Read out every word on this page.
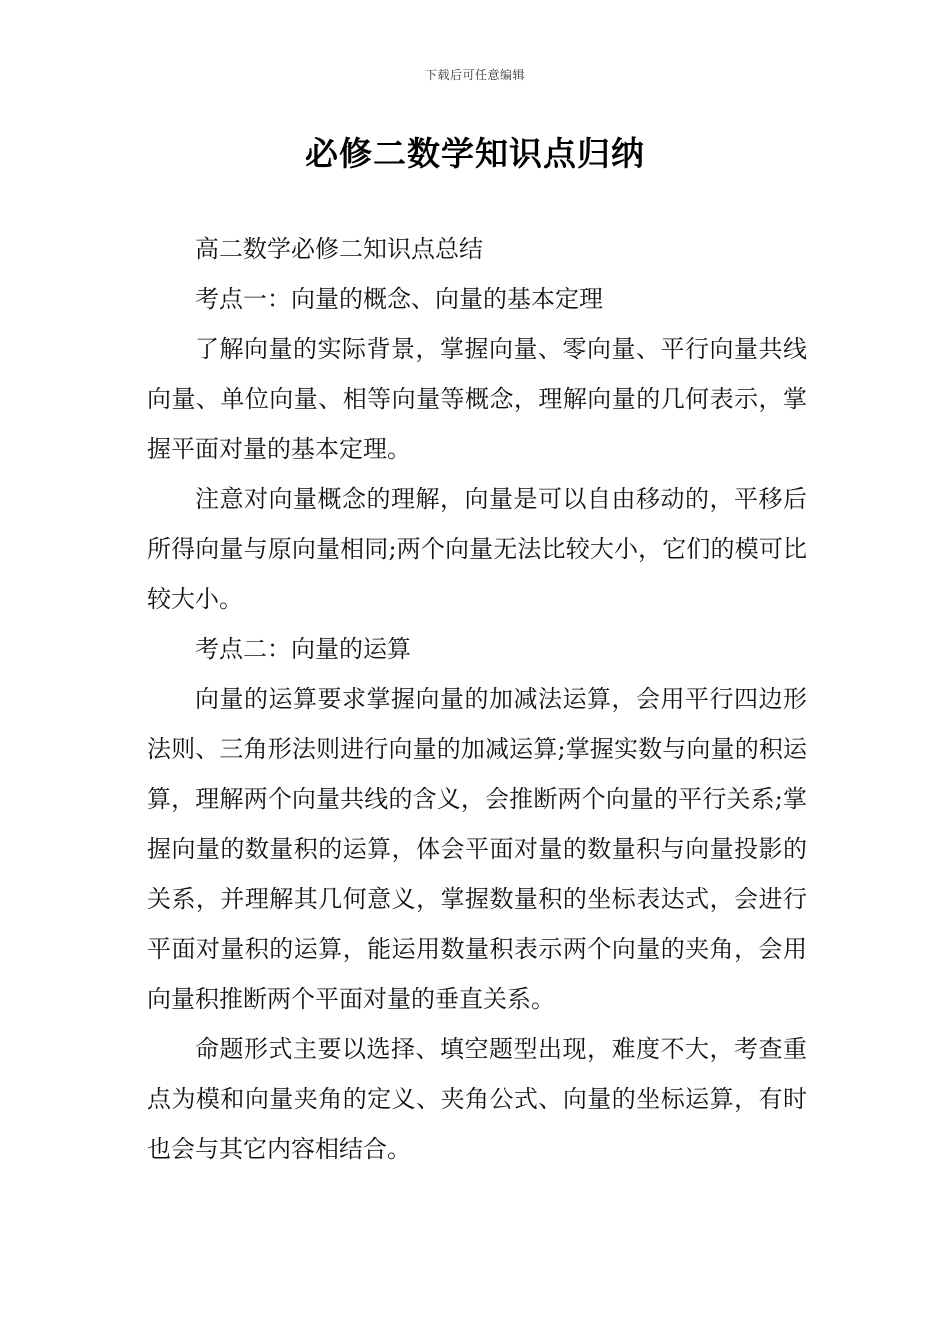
下载后可任意编辑
必修二数学知识点归纳

高二数学必修二知识点总结

考点一：向量的概念、向量的基本定理

了解向量的实际背景，掌握向量、零向量、平行向量共线向量、单位向量、相等向量等概念，理解向量的几何表示，掌握平面对量的基本定理。

注意对向量概念的理解，向量是可以自由移动的，平移后所得向量与原向量相同;两个向量无法比较大小，它们的模可比较大小。

考点二：向量的运算

向量的运算要求掌握向量的加减法运算，会用平行四边形法则、三角形法则进行向量的加减运算;掌握实数与向量的积运算，理解两个向量共线的含义，会推断两个向量的平行关系;掌握向量的数量积的运算，体会平面对量的数量积与向量投影的关系，并理解其几何意义，掌握数量积的坐标表达式，会进行平面对量积的运算，能运用数量积表示两个向量的夹角，会用向量积推断两个平面对量的垂直关系。

命题形式主要以选择、填空题型出现，难度不大，考查重点为模和向量夹角的定义、夹角公式、向量的坐标运算，有时也会与其它内容相结合。
